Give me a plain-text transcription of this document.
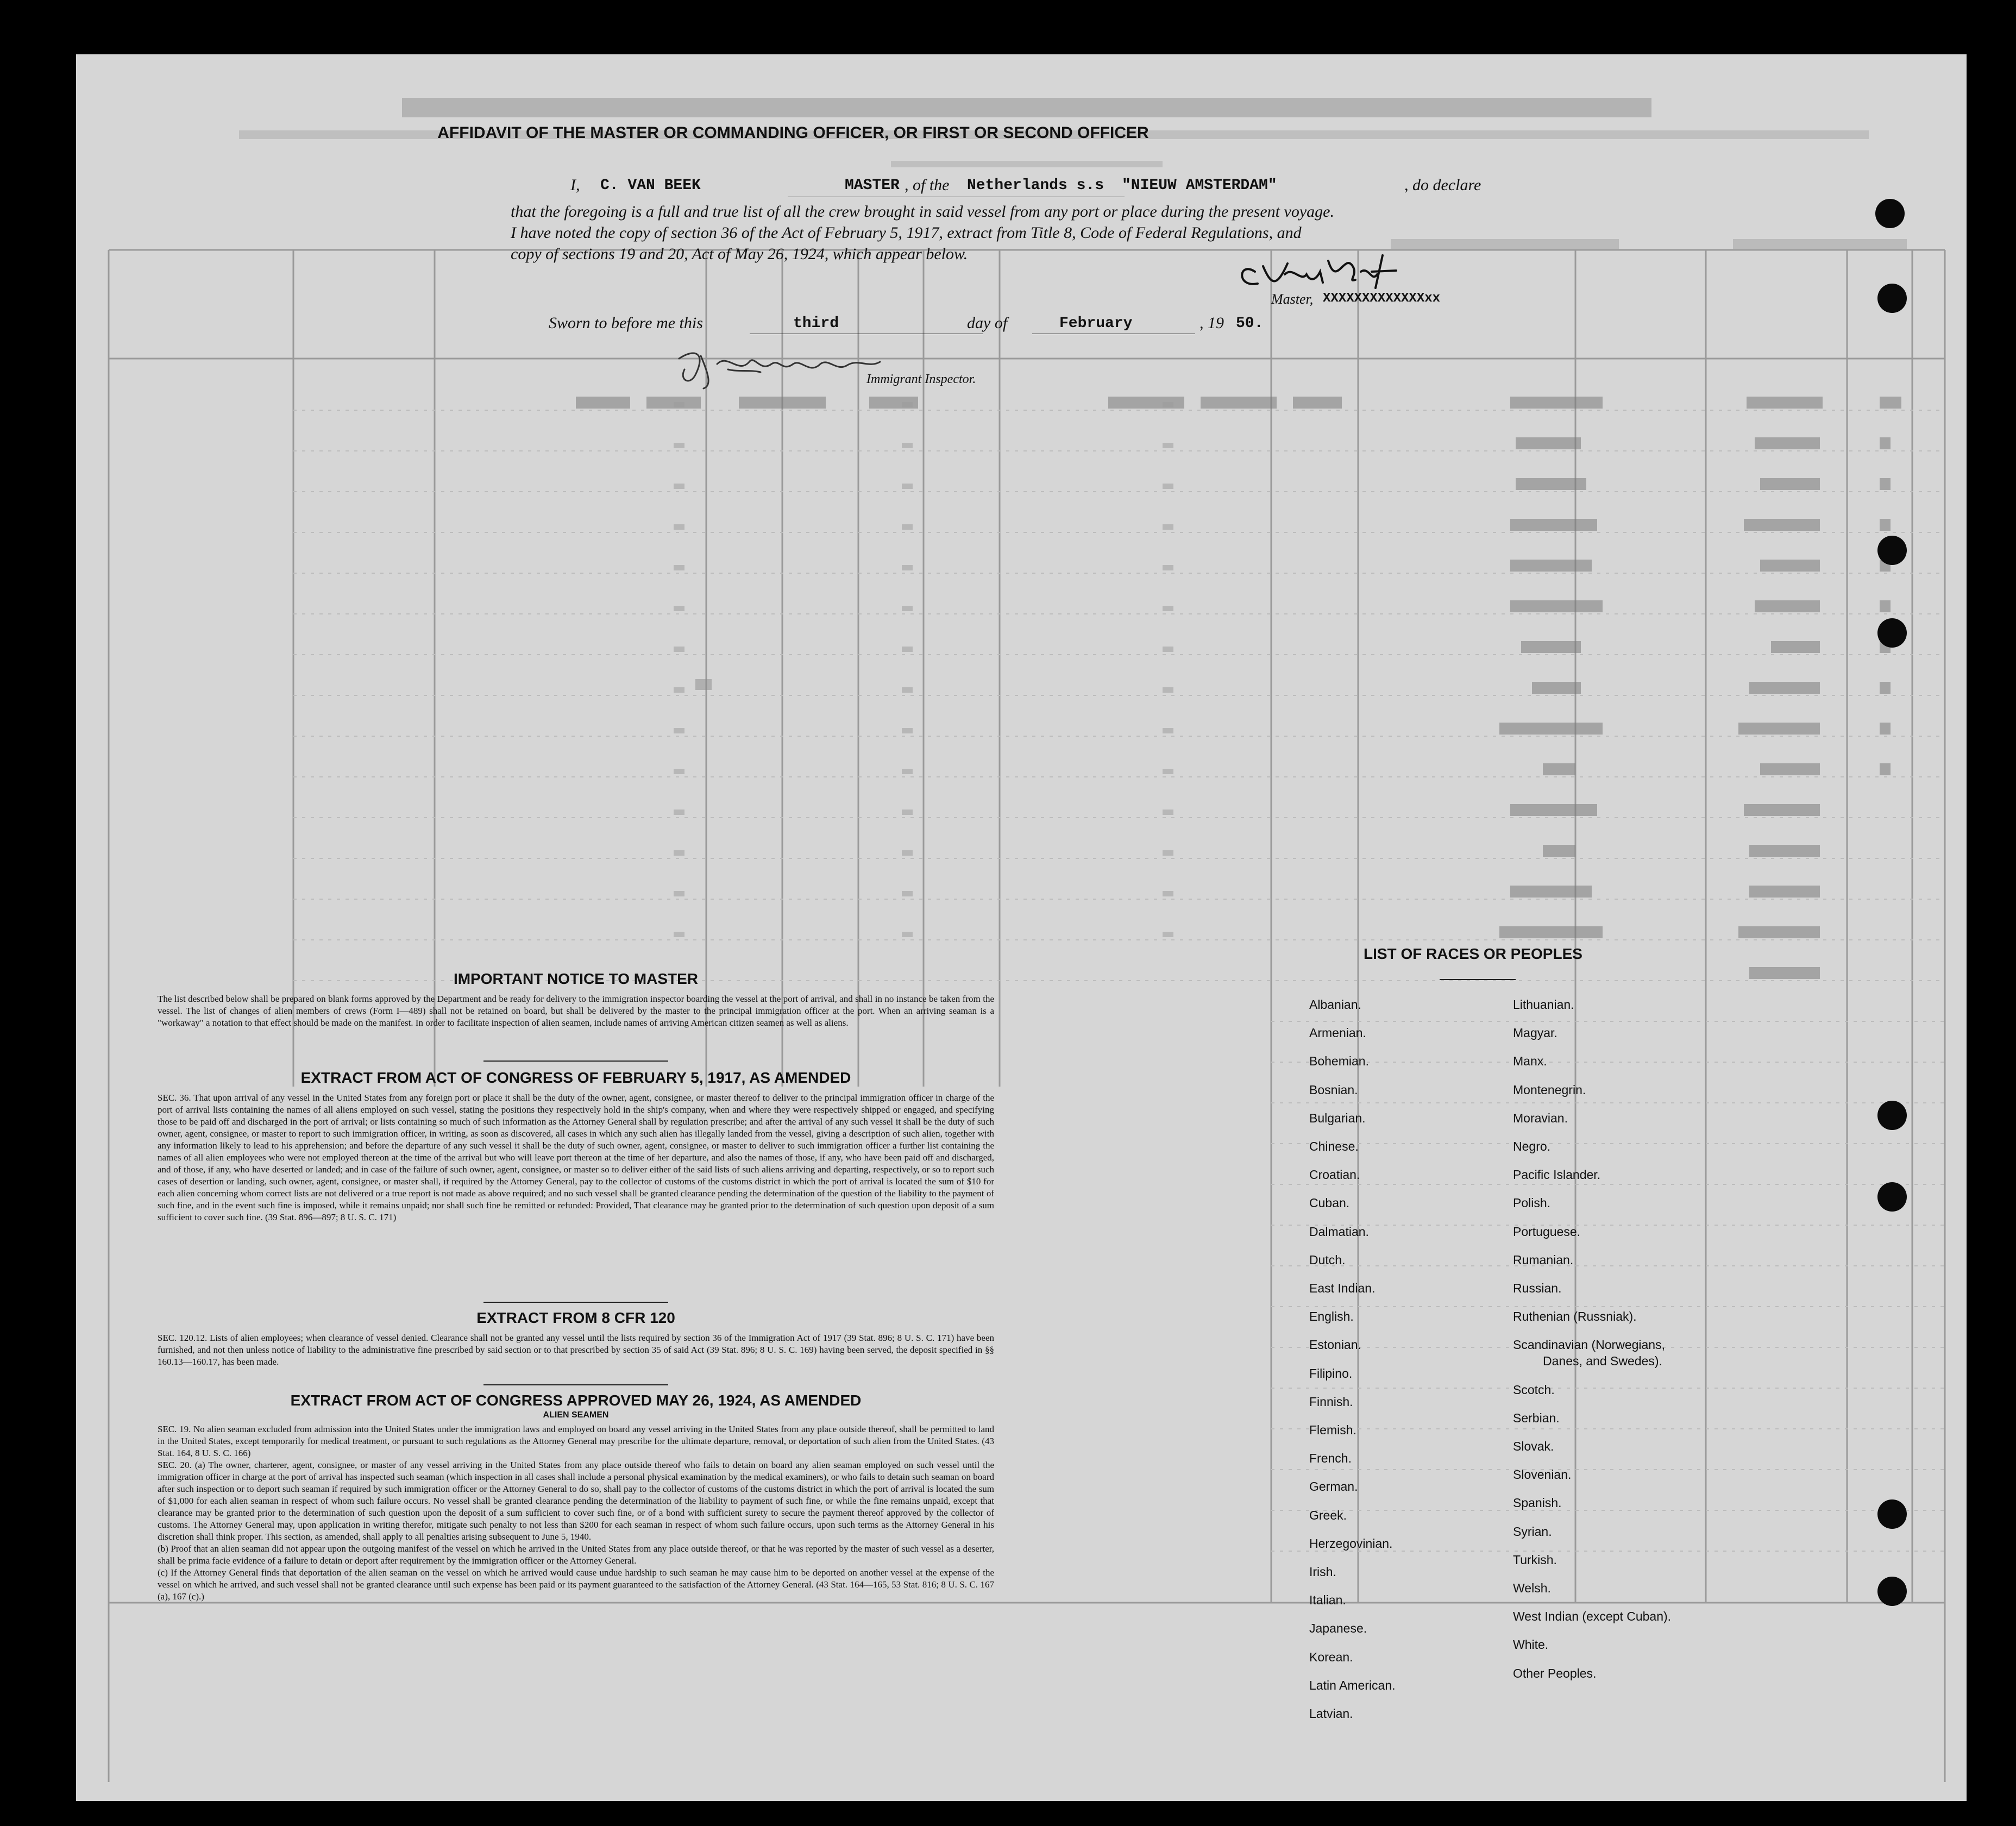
AFFIDAVIT OF THE MASTER OR COMMANDING OFFICER, OR FIRST OR SECOND OFFICER
I, C. VAN BEEK	MASTER , of the Netherlands s.s "NIEUW AMSTERDAM"	, do declare
that the foregoing is a full and true list of all the crew brought in said vessel from any port or place during the present voyage.
I have noted the copy of section 36 of the Act of February 5, 1917, extract from Title 8, Code of Federal Regulations, and
copy of sections 19 and 20, Act of May 26, 1924, which appear below.
Master, XXXXXXXXXXXXXxx
Sworn to before me this	third	day of	February	, 19 50.
Immigrant Inspector.
IMPORTANT NOTICE TO MASTER
The list described below shall be prepared on blank forms approved by the Department and be ready for delivery to the immigration inspector boarding the vessel at the port of arrival, and shall in no instance be taken from the vessel. The list of changes of alien members of crews (Form I—489) shall not be retained on board, but shall be delivered by the master to the principal immigration officer at the port. When an arriving seaman is a "workaway" a notation to that effect should be made on the manifest. In order to facilitate inspection of alien seamen, include names of arriving American citizen seamen as well as aliens.
EXTRACT FROM ACT OF CONGRESS OF FEBRUARY 5, 1917, AS AMENDED
SEC. 36. That upon arrival of any vessel in the United States from any foreign port or place it shall be the duty of the owner, agent, consignee, or master thereof to deliver to the principal immigration officer in charge of the port of arrival lists containing the names of all aliens employed on such vessel, stating the positions they respectively hold in the ship's company, when and where they were respectively shipped or engaged, and specifying those to be paid off and discharged in the port of arrival; or lists containing so much of such information as the Attorney General shall by regulation prescribe; and after the arrival of any such vessel it shall be the duty of such owner, agent, consignee, or master to report to such immigration officer, in writing, as soon as discovered, all cases in which any such alien has illegally landed from the vessel, giving a description of such alien, together with any information likely to lead to his apprehension; and before the departure of any such vessel it shall be the duty of such owner, agent, consignee, or master to deliver to such immigration officer a further list containing the names of all alien employees who were not employed thereon at the time of the arrival but who will leave port thereon at the time of her departure, and also the names of those, if any, who have been paid off and discharged, and of those, if any, who have deserted or landed; and in case of the failure of such owner, agent, consignee, or master so to deliver either of the said lists of such aliens arriving and departing, respectively, or so to report such cases of desertion or landing, such owner, agent, consignee, or master shall, if required by the Attorney General, pay to the collector of customs of the customs district in which the port of arrival is located the sum of $10 for each alien concerning whom correct lists are not delivered or a true report is not made as above required; and no such vessel shall be granted clearance pending the determination of the question of the liability to the payment of such fine, and in the event such fine is imposed, while it remains unpaid; nor shall such fine be remitted or refunded: Provided, That clearance may be granted prior to the determination of such question upon deposit of a sum sufficient to cover such fine. (39 Stat. 896—897; 8 U. S. C. 171)
EXTRACT FROM 8 CFR 120
SEC. 120.12. Lists of alien employees; when clearance of vessel denied. Clearance shall not be granted any vessel until the lists required by section 36 of the Immigration Act of 1917 (39 Stat. 896; 8 U. S. C. 171) have been furnished, and not then unless notice of liability to the administrative fine prescribed by said section or to that prescribed by section 35 of said Act (39 Stat. 896; 8 U. S. C. 169) having been served, the deposit specified in §§ 160.13—160.17, has been made.
EXTRACT FROM ACT OF CONGRESS APPROVED MAY 26, 1924, AS AMENDED
ALIEN SEAMEN

SEC. 19. No alien seaman excluded from admission into the United States under the immigration laws and employed on board any vessel arriving in the United States from any place outside thereof, shall be permitted to land in the United States, except temporarily for medical treatment, or pursuant to such regulations as the Attorney General may prescribe for the ultimate departure, removal, or deportation of such alien from the United States. (43 Stat. 164, 8 U. S. C. 166)

SEC. 20. (a) The owner, charterer, agent, consignee, or master of any vessel arriving in the United States from any place outside thereof who fails to detain on board any alien seaman employed on such vessel until the immigration officer in charge at the port of arrival has inspected such seaman (which inspection in all cases shall include a personal physical examination by the medical examiners), or who fails to detain such seaman on board after such inspection or to deport such seaman if required by such immigration officer or the Attorney General to do so, shall pay to the collector of customs of the customs district in which the port of arrival is located the sum of $1,000 for each alien seaman in respect of whom such failure occurs. No vessel shall be granted clearance pending the determination of the liability to payment of such fine, or while the fine remains unpaid, except that clearance may be granted prior to the determination of such question upon the deposit of a sum sufficient to cover such fine, or of a bond with sufficient surety to secure the payment thereof approved by the collector of customs. The Attorney General may, upon application in writing therefor, mitigate such penalty to not less than $200 for each seaman in respect of whom such failure occurs, upon such terms as the Attorney General in his discretion shall think proper. This section, as amended, shall apply to all penalties arising subsequent to June 5, 1940.

(b) Proof that an alien seaman did not appear upon the outgoing manifest of the vessel on which he arrived in the United States from any place outside thereof, or that he was reported by the master of such vessel as a deserter, shall be prima facie evidence of a failure to detain or deport after requirement by the immigration officer or the Attorney General.

(c) If the Attorney General finds that deportation of the alien seaman on the vessel on which he arrived would cause undue hardship to such seaman he may cause him to be deported on another vessel at the expense of the vessel on which he arrived, and such vessel shall not be granted clearance until such expense has been paid or its payment guaranteed to the satisfaction of the Attorney General. (43 Stat. 164—165, 53 Stat. 816; 8 U. S. C. 167 (a), 167 (c).)

LIST OF RACES OR PEOPLES
Albanian.
Armenian.
Bohemian.
Bosnian.
Bulgarian.
Chinese.
Croatian.
Cuban.
Dalmatian.
Dutch.
East Indian.
English.
Estonian.
Filipino.
Finnish.
Flemish.
French.
German.
Greek.
Herzegovinian.
Irish.
Italian.
Japanese.
Korean.
Latin American.
Latvian.
Lithuanian.
Magyar.
Manx.
Montenegrin.
Moravian.
Negro.
Pacific Islander.
Polish.
Portuguese.
Rumanian.
Russian.
Ruthenian (Russniak).
Scandinavian (Norwegians,
Danes, and Swedes).
Scotch.
Serbian.
Slovak.
Slovenian.
Spanish.
Syrian.
Turkish.
Welsh.
West Indian (except Cuban).
White.
Other Peoples.
